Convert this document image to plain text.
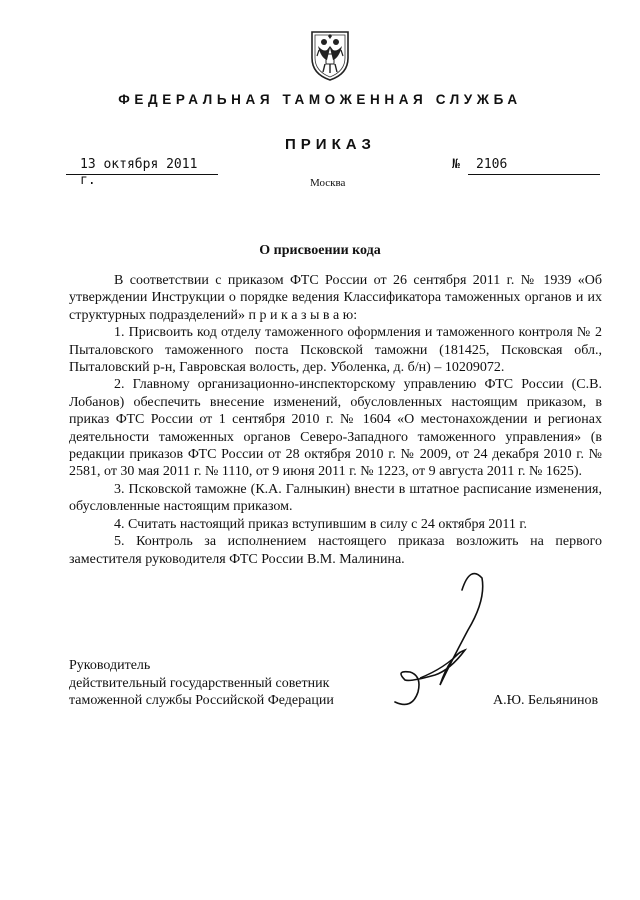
ФЕДЕРАЛЬНАЯ ТАМОЖЕННАЯ СЛУЖБА
ПРИКАЗ
13 октября 2011 г.
№	2106
Москва
О присвоении кода

В соответствии с приказом ФТС России от 26 сентября 2011 г. № 1939 «Об утверждении Инструкции о порядке ведения Классификатора таможенных органов и их структурных подразделений» п р и к а з ы в а ю:

1. Присвоить код отделу таможенного оформления и таможенного контроля № 2 Пыталовского таможенного поста Псковской таможни (181425, Псковская обл., Пыталовский р-н, Гавровская волость, дер. Уболенка, д. б/н) – 10209072.

2. Главному организационно-инспекторскому управлению ФТС России (С.В. Лобанов) обеспечить внесение изменений, обусловленных настоящим приказом, в приказ ФТС России от 1 сентября 2010 г. № 1604 «О местонахождении и регионах деятельности таможенных органов Северо-Западного таможенного управления» (в редакции приказов ФТС России от 28 октября 2010 г. № 2009, от 24 декабря 2010 г. № 2581, от 30 мая 2011 г. № 1110, от 9 июня 2011 г. № 1223, от 9 августа 2011 г. № 1625).

3. Псковской таможне (К.А. Галныкин) внести в штатное расписание изменения, обусловленные настоящим приказом.

4. Считать настоящий приказ вступившим в силу с 24 октября 2011 г.

5. Контроль за исполнением настоящего приказа возложить на первого заместителя руководителя ФТС России В.М. Малинина.

Руководитель
действительный государственный советник
таможенной службы Российской Федерации	А.Ю. Бельянинов
